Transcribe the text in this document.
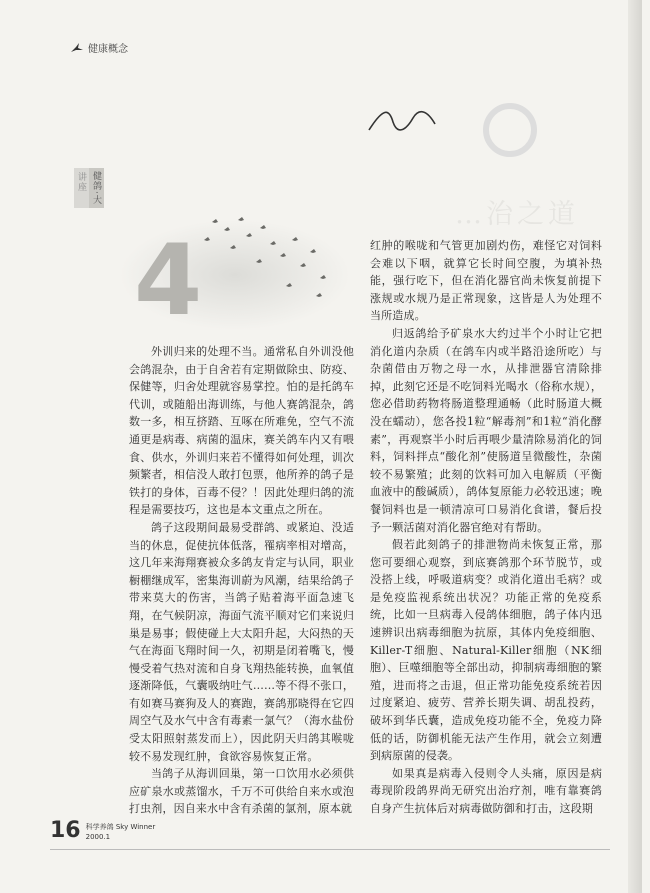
健康概念
健鸽·大
讲座
…治之道
4

外训归来的处理不当。通常私自外训没他会鸽混杂，由于自舍若有定期做除虫、防疫、保健等，归舍处理就容易掌控。怕的是托鸽车代训，或随船出海训练，与他人赛鸽混杂，鸽数一多，相互挤踏、互啄在所难免，空气不流通更是病毒、病菌的温床，赛关鸽车内又有喂食、供水，外训归来若不懂得如何处理，训次频繁者，相信没人敢打包票，他所养的鸽子是铁打的身体，百毒不侵？！因此处理归鸽的流程是需要技巧，这也是本文重点之所在。

鸽子这段期间最易受群鸽、或紧迫、没适当的休息，促使抗体低落，罹病率相对增高，这几年来海翔赛被众多鸽友肯定与认同，职业橱棚继成军，密集海训蔚为风潮，结果给鸽子带来莫大的伤害，当鸽子贴着海平面急速飞翔，在气候阴凉，海面气流平顺对它们来说归巢是易事；假使碰上大太阳升起，大闷热的天气在海面飞翔时间一久，初期是闭着嘴飞，慢慢受着气热对流和自身飞翔热能转换，血氧值逐渐降低，气囊吸纳吐气……等不得不张口，有如赛马赛狗及人的赛跑，赛鸽那晓得在它四周空气及水气中含有毒素一氯气？（海水盐份受太阳照射蒸发而上），因此阴天归鸽其喉咙较不易发现红肿，食欲容易恢复正常。

当鸽子从海训回巢，第一口饮用水必须供应矿泉水或蒸馏水，千万不可供给自来水或泡打虫剂，因自来水中含有杀菌的氯剂，原本就

红肿的喉咙和气管更加剧灼伤，难怪它对饲料会难以下咽，就算它长时间空腹，为填补热能，强行吃下，但在消化器官尚未恢复前提下涨规或水规乃是正常现象，这皆是人为处理不当所造成。

归返鸽给予矿泉水大约过半个小时让它把消化道内杂质（在鸽车内或半路沿途所吃）与杂菌借由万物之母一水，从排泄器官清除排掉，此刻它还是不吃饲料光喝水（俗称水规），您必借助药物将肠道整理通畅（此时肠道大概没在蠕动），您各投1粒“解毒剂”和1粒“消化酵素”，再观察半小时后再喂少量清除易消化的饲料，饲料拌点“酸化剂”使肠道呈微酸性，杂菌较不易繁殖；此刻的饮料可加入电解质（平衡血液中的酸碱质），鸽体复原能力必较迅速；晚餐饲料也是一顿清凉可口易消化食谱，餐后投予一颗活菌对消化器官绝对有帮助。

假若此刻鸽子的排泄物尚未恢复正常，那您可要细心观察，到底赛鸽那个环节脱节，或没搭上线，呼吸道病变？或消化道出毛病？或是免疫监视系统出状况？功能正常的免疫系统，比如一旦病毒入侵鸽体细胞，鸽子体内迅速辨识出病毒细胞为抗原，其体内免疫细胞、Killer-T细胞、Natural-Killer细胞（NK细胞）、巨噬细胞等全部出动，抑制病毒细胞的繁殖，进而将之击退，但正常功能免疫系统若因过度紧迫、疲劳、营养长期失调、胡乱投药，破坏到华氏囊，造成免疫功能不全，免疫力降低的话，防御机能无法产生作用，就会立刻遭到病原菌的侵袭。

如果真是病毒入侵则令人头痛，原因是病毒现阶段鸽界尚无研究出治疗剂，唯有靠赛鸽自身产生抗体后对病毒做防御和打击，这段期

16 科学养鸽 Sky Winner
2000.1
